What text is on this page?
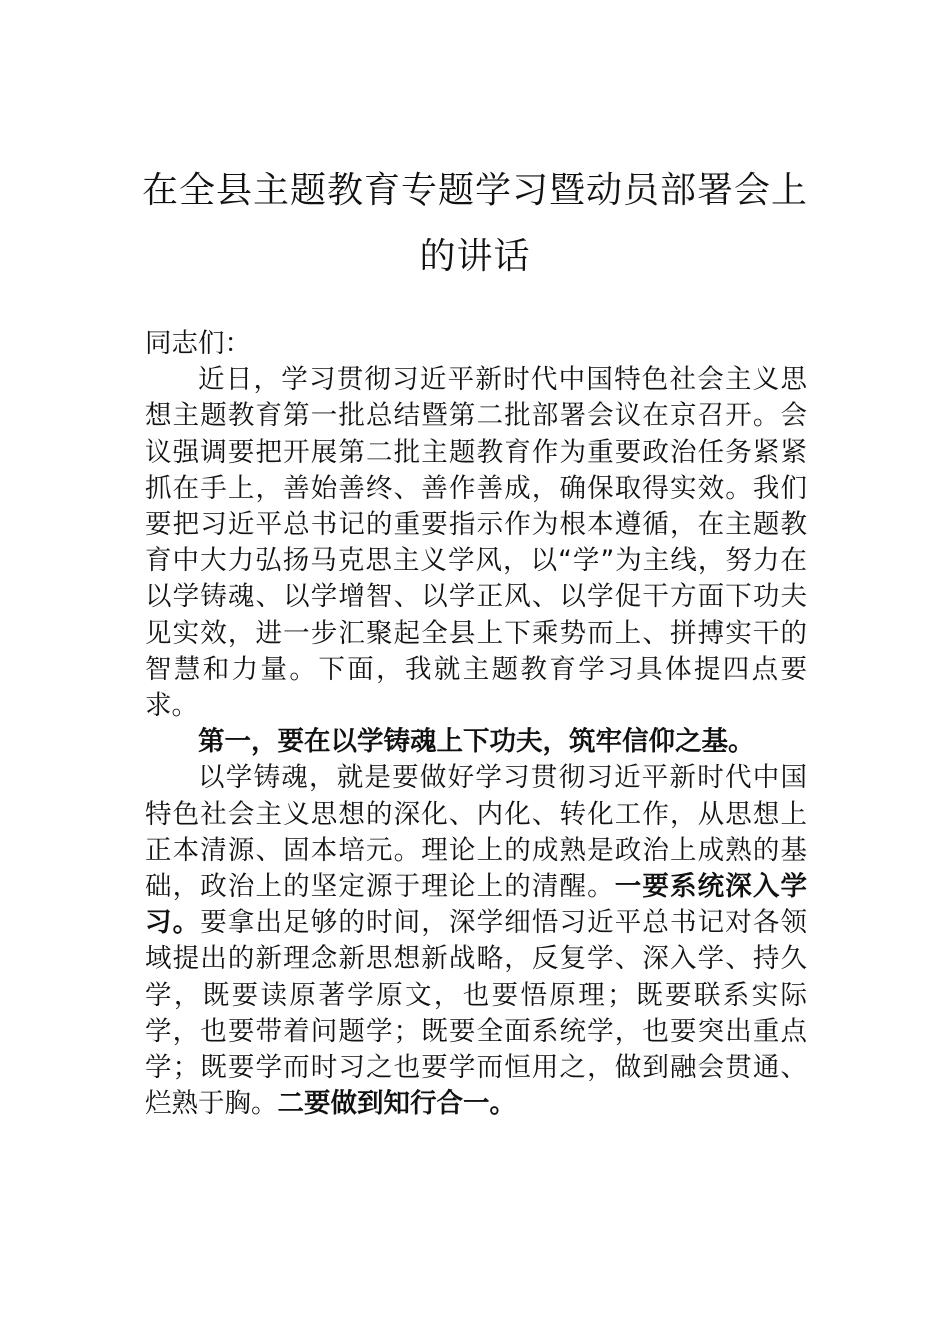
在全县主题教育专题学习暨动员部署会上的讲话

同志们：

近日，学习贯彻习近平新时代中国特色社会主义思想主题教育第一批总结暨第二批部署会议在京召开。会议强调要把开展第二批主题教育作为重要政治任务紧紧抓在手上，善始善终、善作善成，确保取得实效。我们要把习近平总书记的重要指示作为根本遵循，在主题教育中大力弘扬马克思主义学风，以“学”为主线，努力在以学铸魂、以学增智、以学正风、以学促干方面下功夫见实效，进一步汇聚起全县上下乘势而上、拼搏实干的智慧和力量。下面，我就主题教育学习具体提四点要求。

第一，要在以学铸魂上下功夫，筑牢信仰之基。

以学铸魂，就是要做好学习贯彻习近平新时代中国特色社会主义思想的深化、内化、转化工作，从思想上正本清源、固本培元。理论上的成熟是政治上成熟的基础，政治上的坚定源于理论上的清醒。一要系统深入学习。要拿出足够的时间，深学细悟习近平总书记对各领域提出的新理念新思想新战略，反复学、深入学、持久学，既要读原著学原文，也要悟原理；既要联系实际学，也要带着问题学；既要全面系统学，也要突出重点学；既要学而时习之也要学而恒用之，做到融会贯通、烂熟于胸。二要做到知行合一。
